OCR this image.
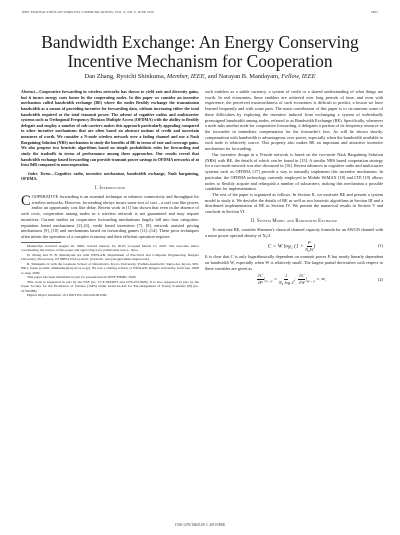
IEEE TRANSACTIONS ON WIRELESS COMMUNICATIONS, VOL. 9, NO. 6, JUNE 2010	2855
Bandwidth Exchange: An Energy Conserving
Incentive Mechanism for Cooperation
Dan Zhang, Ryoichi Shinkuma, Member, IEEE, and Narayan B. Mandayam, Fellow, IEEE

Abstract—Cooperative forwarding in wireless networks has shown to yield rate and diversity gains, but it incurs energy costs borne by the cooperating nodes. In this paper we consider an incentive mechanism called bandwidth exchange (BE) where the nodes flexibly exchange the transmission bandwidth as a means of providing incentive for forwarding data, without increasing either the total bandwidth required or the total transmit power. The advent of cognitive radios and multicarrier systems such as Orthogonal Frequency Division Multiple Access (OFDMA) with the ability to flexibly delegate and employ a number of sub-carriers makes this approach particularly appealing compared to other incentive mechanisms that are often based on abstract notions of credit and uncertain measures of worth. We consider a N-node wireless network over a fading channel and use a Nash Bargaining Solution (NBS) mechanism to study the benefits of BE in terms of rate and coverage gains. We also propose two heuristic algorithms based on simple probabilistic rules for forwarding and study the tradeoffs in terms of performance among these approaches. Our results reveal that bandwidth exchange based forwarding can provide transmit power savings in OFDMA networks of at least 8dB compared to noncooperation.

Index Terms—Cognitive radio, incentive mechanism, bandwidth exchange, Nash bargaining, OFDMA.

I. Introduction

COOPERATIVE forwarding is an essential technique to enhance connectivity and throughput for wireless networks. However, forwarding always incurs some sort of cost – a real cost like power, and/or an opportunity cost like delay. Recent work in [1] has shown that even in the absence of such costs, cooperation among nodes in a wireless network is not guaranteed and may require incentives. Current studies on cooperative forwarding mechanisms largely fall into four categories: reputation based mechanisms [2]–[6], credit based incentives [7], [8], network assisted pricing mechanisms [9], [10] and mechanisms based on forwarding games [11]–[14]. These prior techniques often mimic the operation of a complex economy and their efficient operation requires

Manuscript received August 20, 2009; revised January 19, 2010; accepted March 17, 2010. The associate editor coordinating the review of this paper and approving it for publication was C. Xiao.

D. Zhang and N. B. Mandayam are with WINLAB, Department of Electrical and Computer Engineering, Rutgers University, Piscataway, NJ 08854 USA (e-mail: {bacholic, narayan}@winlab.rutgers.edu).

R. Shinkuma is with the Graduate School of Informatics, Kyoto University, Yoshida-honmachi, Sakyo-ku, Kyoto, 606-8501, Japan (e-mail: shinkuma@i.kyoto-u.ac.jp). He was a visiting scholar at WINLAB, Rutgers University from Sep. 2008 to Aug. 2009.

This paper has been submitted in part for presentation in IEEE PIMRC 2009.

This work is supported in part by the NSF (no. CCF-0634973 and CNS-0721826). It is also supported in part by the Japan Society for the Promotion of Science (JSPS) under Grant-in-Aid for Encouragement of Young Scientists (B) (no. 21760288).

Digital Object Identifier 10.1109/TWC.2010.06.091269

such enablers as a stable currency, a system of credit or a shared understanding of what things are worth. In real economies, these enablers are achieved over long periods of time, and even with experience, the perceived trustworthiness of such economies is difficult to predict, a lesson we have learned frequently and with some pain. The main contribution of this paper is to circumvent some of these difficulties by exploring the incentive induced from exchanging a system of individually preassigned bandwidth among nodes, referred to as Bandwidth Exchange (BE). Specifically, whenever a node asks another node for cooperative forwarding, it delegates a portion of its frequency resource to the forwarder in immediate compensation for the forwarder's loss. As will be shown shortly, compensation with bandwidth is advantageous over power, especially when the bandwidth available to each node is relatively scarce. This property also makes BE an important and attractive incentive mechanism for forwarding.

Our incentive design in a N-node network is based on the two-node Nash Bargaining Solution (NBS) with BE, the details of which can be found in [15]. A similar NBS based cooperation strategy for a two-node network was also discussed in [16]. Recent advances in cognitive radio and multicarrier systems such as OFDMA [17] provide a way to naturally implement this incentive mechanism. In particular, the OFDMA technology currently employed in Mobile WiMAX [18] and LTE [19] allows nodes to flexibly acquire and relinquish a number of subcarriers, making this mechanism a possible candidate for implementation.

The rest of the paper is organized as follows. In Section II, we motivate BE and present a system model to study it. We describe the details of BE as well as two heuristic algorithms in Section III and a distributed implementation of BE in Section IV. We present the numerical results in Section V and conclude in Section VI.

II. System Model and Bandwidth Exchange

To motivate BE, consider Shannon's classical channel capacity formula for an AWGN channel with a noise power spectral density of N₀/2

C = W log₂ ($1 + \frac{P}{\text{N₀W}}$ )	(1)

It is clear that C is only logarithmically dependent on transmit power P, but nearly linearly dependent on bandwidth W, especially when W is relatively small. The largest partial derivatives with respect to these variables are given as

$\frac{\partial C}{\partial P} |_{P\to 0} = \frac{1}{\text{N₀ log 2}}$ ; $\frac{\partial C}{\partial W} |_{W\to 0}$ = ∞.	(2)
1536-1276/10$25.00 © 2010 IEEE
